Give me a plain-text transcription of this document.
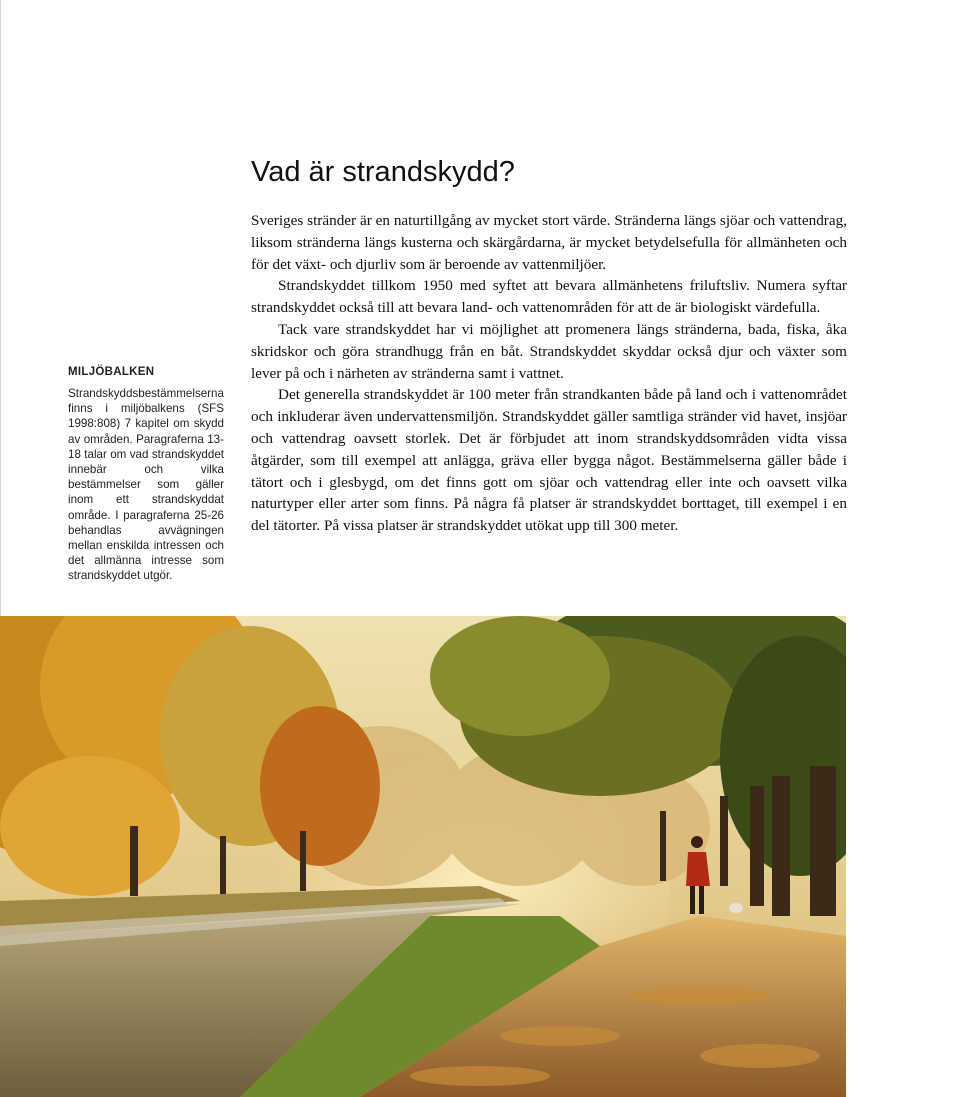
MILJÖBALKEN

Strandskyddsbestämmelserna finns i miljöbalkens (SFS 1998:808) 7 kapitel om skydd av områden. Paragraferna 13-18 talar om vad strandskyddet innebär och vilka bestämmelser som gäller inom ett strandskyddat område. I paragraferna 25-26 behandlas avvägningen mellan enskilda intressen och det allmänna intresse som strandskyddet utgör.

Vad är strandskydd?

Sveriges stränder är en naturtillgång av mycket stort värde. Stränderna längs sjöar och vattendrag, liksom stränderna längs kusterna och skärgårdarna, är mycket betydelsefulla för allmänheten och för det växt- och djurliv som är beroende av vattenmiljöer.

Strandskyddet tillkom 1950 med syftet att bevara allmänhetens friluftsliv. Numera syftar strandskyddet också till att bevara land- och vattenområden för att de är biologiskt värdefulla.

Tack vare strandskyddet har vi möjlighet att promenera längs stränderna, bada, fiska, åka skridskor och göra strandhugg från en båt. Strandskyddet skyddar också djur och växter som lever på och i närheten av stränderna samt i vattnet.

Det generella strandskyddet är 100 meter från strandkanten både på land och i vattenområdet och inkluderar även undervattensmiljön. Strandskyddet gäller samtliga stränder vid havet, insjöar och vattendrag oavsett storlek. Det är förbjudet att inom strandskyddsområden vidta vissa åtgärder, som till exempel att anlägga, gräva eller bygga något. Bestämmelserna gäller både i tätort och i glesbygd, om det finns gott om sjöar och vattendrag eller inte och oavsett vilka naturtyper eller arter som finns. På några få platser är strandskyddet borttaget, till exempel i en del tätorter. På vissa platser är strandskyddet utökat upp till 300 meter.
